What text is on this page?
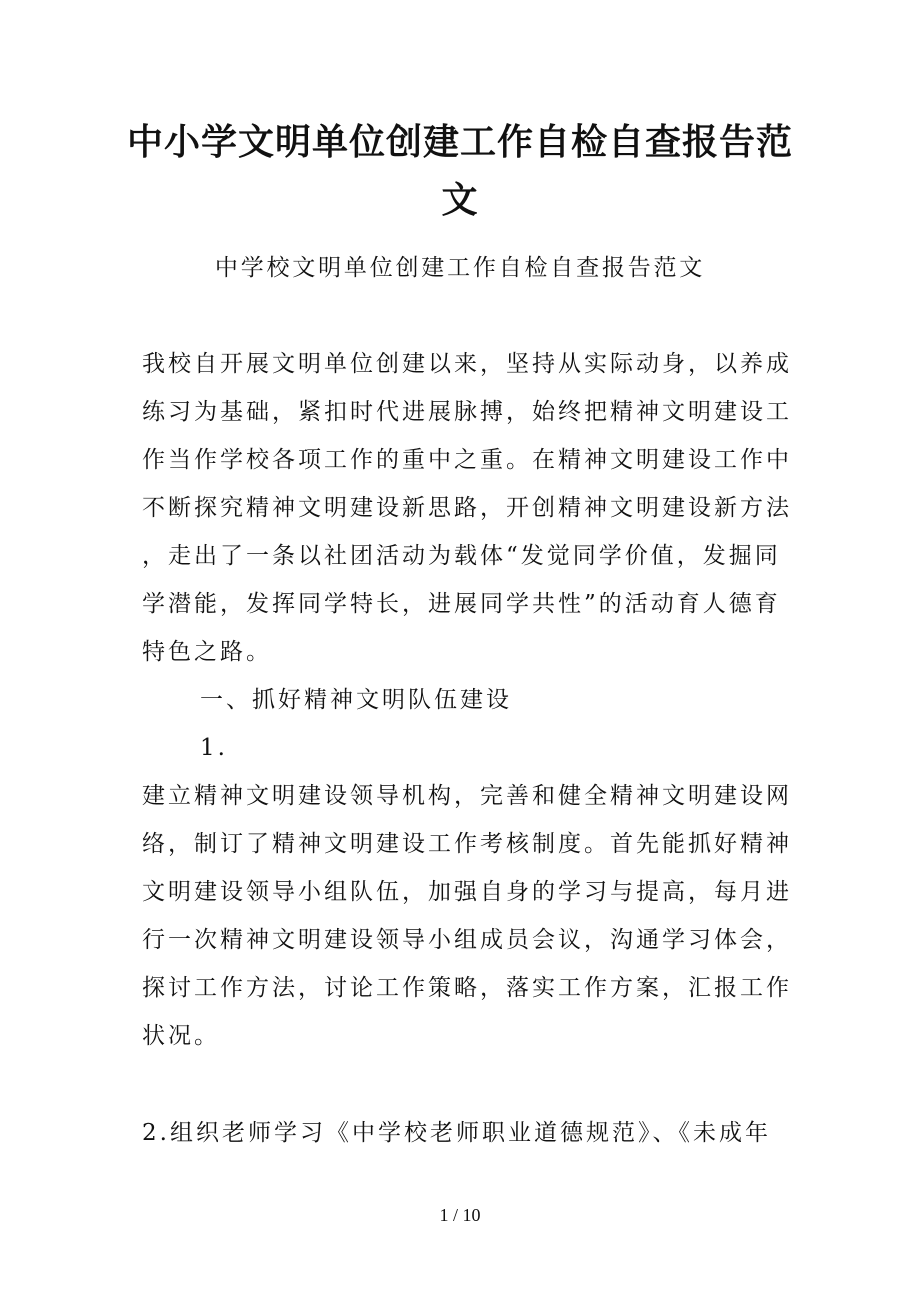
中小学文明单位创建工作自检自查报告范
文
中学校文明单位创建工作自检自查报告范文
我校自开展文明单位创建以来，坚持从实际动身，以养成
练习为基础，紧扣时代进展脉搏，始终把精神文明建设工
作当作学校各项工作的重中之重。在精神文明建设工作中
不断探究精神文明建设新思路，开创精神文明建设新方法
，走出了一条以社团活动为载体“发觉同学价值，发掘同
学潜能，发挥同学特长，进展同学共性”的活动育人德育
特色之路。
一、抓好精神文明队伍建设
1.
建立精神文明建设领导机构，完善和健全精神文明建设网
络，制订了精神文明建设工作考核制度。首先能抓好精神
文明建设领导小组队伍，加强自身的学习与提高，每月进
行一次精神文明建设领导小组成员会议，沟通学习体会，
探讨工作方法，讨论工作策略，落实工作方案，汇报工作
状况。
2.组织老师学习《中学校老师职业道德规范》、《未成年
1 / 10
